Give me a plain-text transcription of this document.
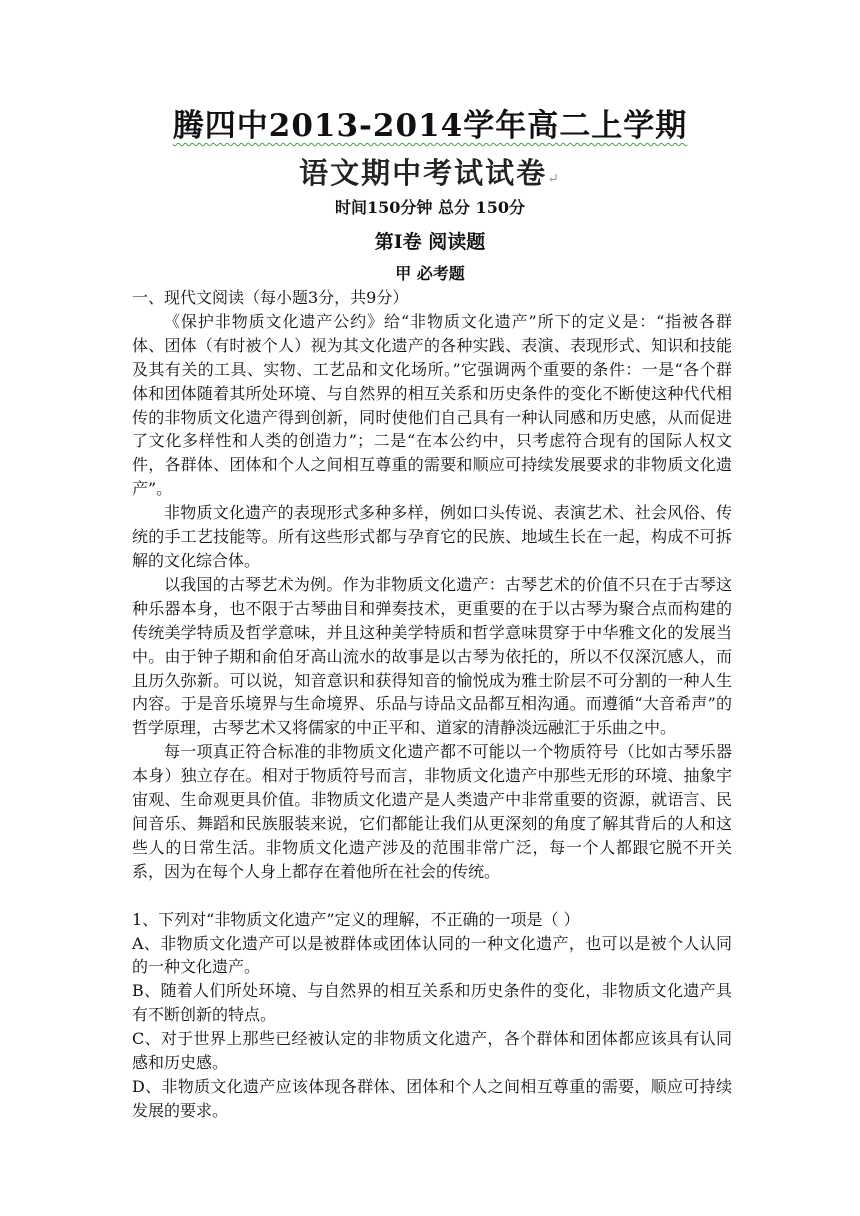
腾四中2013-2014学年高二上学期
语文期中考试试卷↵
时间150分钟 总分 150分
第Ⅰ卷 阅读题
甲 必考题

一、现代文阅读（每小题3分，共9分）

《保护非物质文化遗产公约》给“非物质文化遗产”所下的定义是：“指被各群体、团体（有时被个人）视为其文化遗产的各种实践、表演、表现形式、知识和技能及其有关的工具、实物、工艺品和文化场所。”它强调两个重要的条件：一是“各个群体和团体随着其所处环境、与自然界的相互关系和历史条件的变化不断使这种代代相传的非物质文化遗产得到创新，同时使他们自己具有一种认同感和历史感，从而促进了文化多样性和人类的创造力”；二是“在本公约中，只考虑符合现有的国际人权文件，各群体、团体和个人之间相互尊重的需要和顺应可持续发展要求的非物质文化遗产”。

非物质文化遗产的表现形式多种多样，例如口头传说、表演艺术、社会风俗、传统的手工艺技能等。所有这些形式都与孕育它的民族、地域生长在一起，构成不可拆解的文化综合体。

以我国的古琴艺术为例。作为非物质文化遗产：古琴艺术的价值不只在于古琴这种乐器本身，也不限于古琴曲目和弹奏技术，更重要的在于以古琴为聚合点而构建的传统美学特质及哲学意味，并且这种美学特质和哲学意味贯穿于中华雅文化的发展当中。由于钟子期和俞伯牙高山流水的故事是以古琴为依托的，所以不仅深沉感人，而且历久弥新。可以说，知音意识和获得知音的愉悦成为雅士阶层不可分割的一种人生内容。于是音乐境界与生命境界、乐品与诗品文品都互相沟通。而遵循“大音希声”的哲学原理，古琴艺术又将儒家的中正平和、道家的清静淡远融汇于乐曲之中。

每一项真正符合标准的非物质文化遗产都不可能以一个物质符号（比如古琴乐器本身）独立存在。相对于物质符号而言，非物质文化遗产中那些无形的环境、抽象宇宙观、生命观更具价值。非物质文化遗产是人类遗产中非常重要的资源，就语言、民间音乐、舞蹈和民族服装来说，它们都能让我们从更深刻的角度了解其背后的人和这些人的日常生活。非物质文化遗产涉及的范围非常广泛，每一个人都跟它脱不开关系，因为在每个人身上都存在着他所在社会的传统。

1、下列对“非物质文化遗产”定义的理解，不正确的一项是（ ）

A、非物质文化遗产可以是被群体或团体认同的一种文化遗产，也可以是被个人认同的一种文化遗产。

B、随着人们所处环境、与自然界的相互关系和历史条件的变化，非物质文化遗产具有不断创新的特点。

C、对于世界上那些已经被认定的非物质文化遗产，各个群体和团体都应该具有认同感和历史感。

D、非物质文化遗产应该体现各群体、团体和个人之间相互尊重的需要，顺应可持续发展的要求。
